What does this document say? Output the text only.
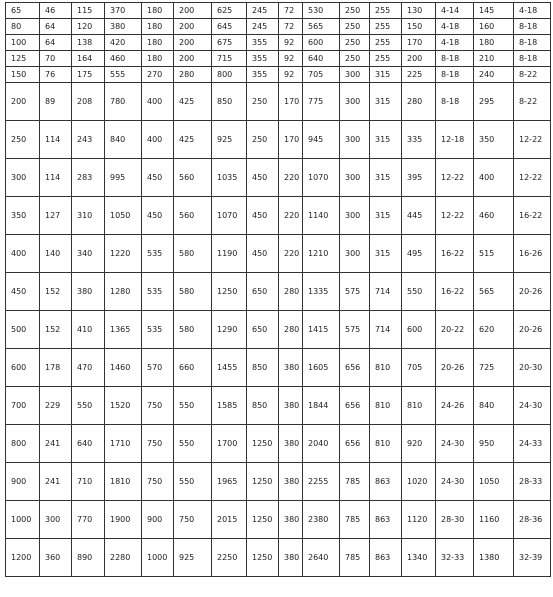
65	46	115	370	180	200	625	245	72	530	250	255	130	4-14	145	4-18
80	64	120	380	180	200	645	245	72	565	250	255	150	4-18	160	8-18
100	64	138	420	180	200	675	355	92	600	250	255	170	4-18	180	8-18
125	70	164	460	180	200	715	355	92	640	250	255	200	8-18	210	8-18
150	76	175	555	270	280	800	355	92	705	300	315	225	8-18	240	8-22
200	89	208	780	400	425	850	250	170	775	300	315	280	8-18	295	8-22
250	114	243	840	400	425	925	250	170	945	300	315	335	12-18	350	12-22
300	114	283	995	450	560	1035	450	220	1070	300	315	395	12-22	400	12-22
350	127	310	1050	450	560	1070	450	220	1140	300	315	445	12-22	460	16-22
400	140	340	1220	535	580	1190	450	220	1210	300	315	495	16-22	515	16-26
450	152	380	1280	535	580	1250	650	280	1335	575	714	550	16-22	565	20-26
500	152	410	1365	535	580	1290	650	280	1415	575	714	600	20-22	620	20-26
600	178	470	1460	570	660	1455	850	380	1605	656	810	705	20-26	725	20-30
700	229	550	1520	750	550	1585	850	380	1844	656	810	810	24-26	840	24-30
800	241	640	1710	750	550	1700	1250	380	2040	656	810	920	24-30	950	24-33
900	241	710	1810	750	550	1965	1250	380	2255	785	863	1020	24-30	1050	28-33
1000	300	770	1900	900	750	2015	1250	380	2380	785	863	1120	28-30	1160	28-36
1200	360	890	2280	1000	925	2250	1250	380	2640	785	863	1340	32-33	1380	32-39
